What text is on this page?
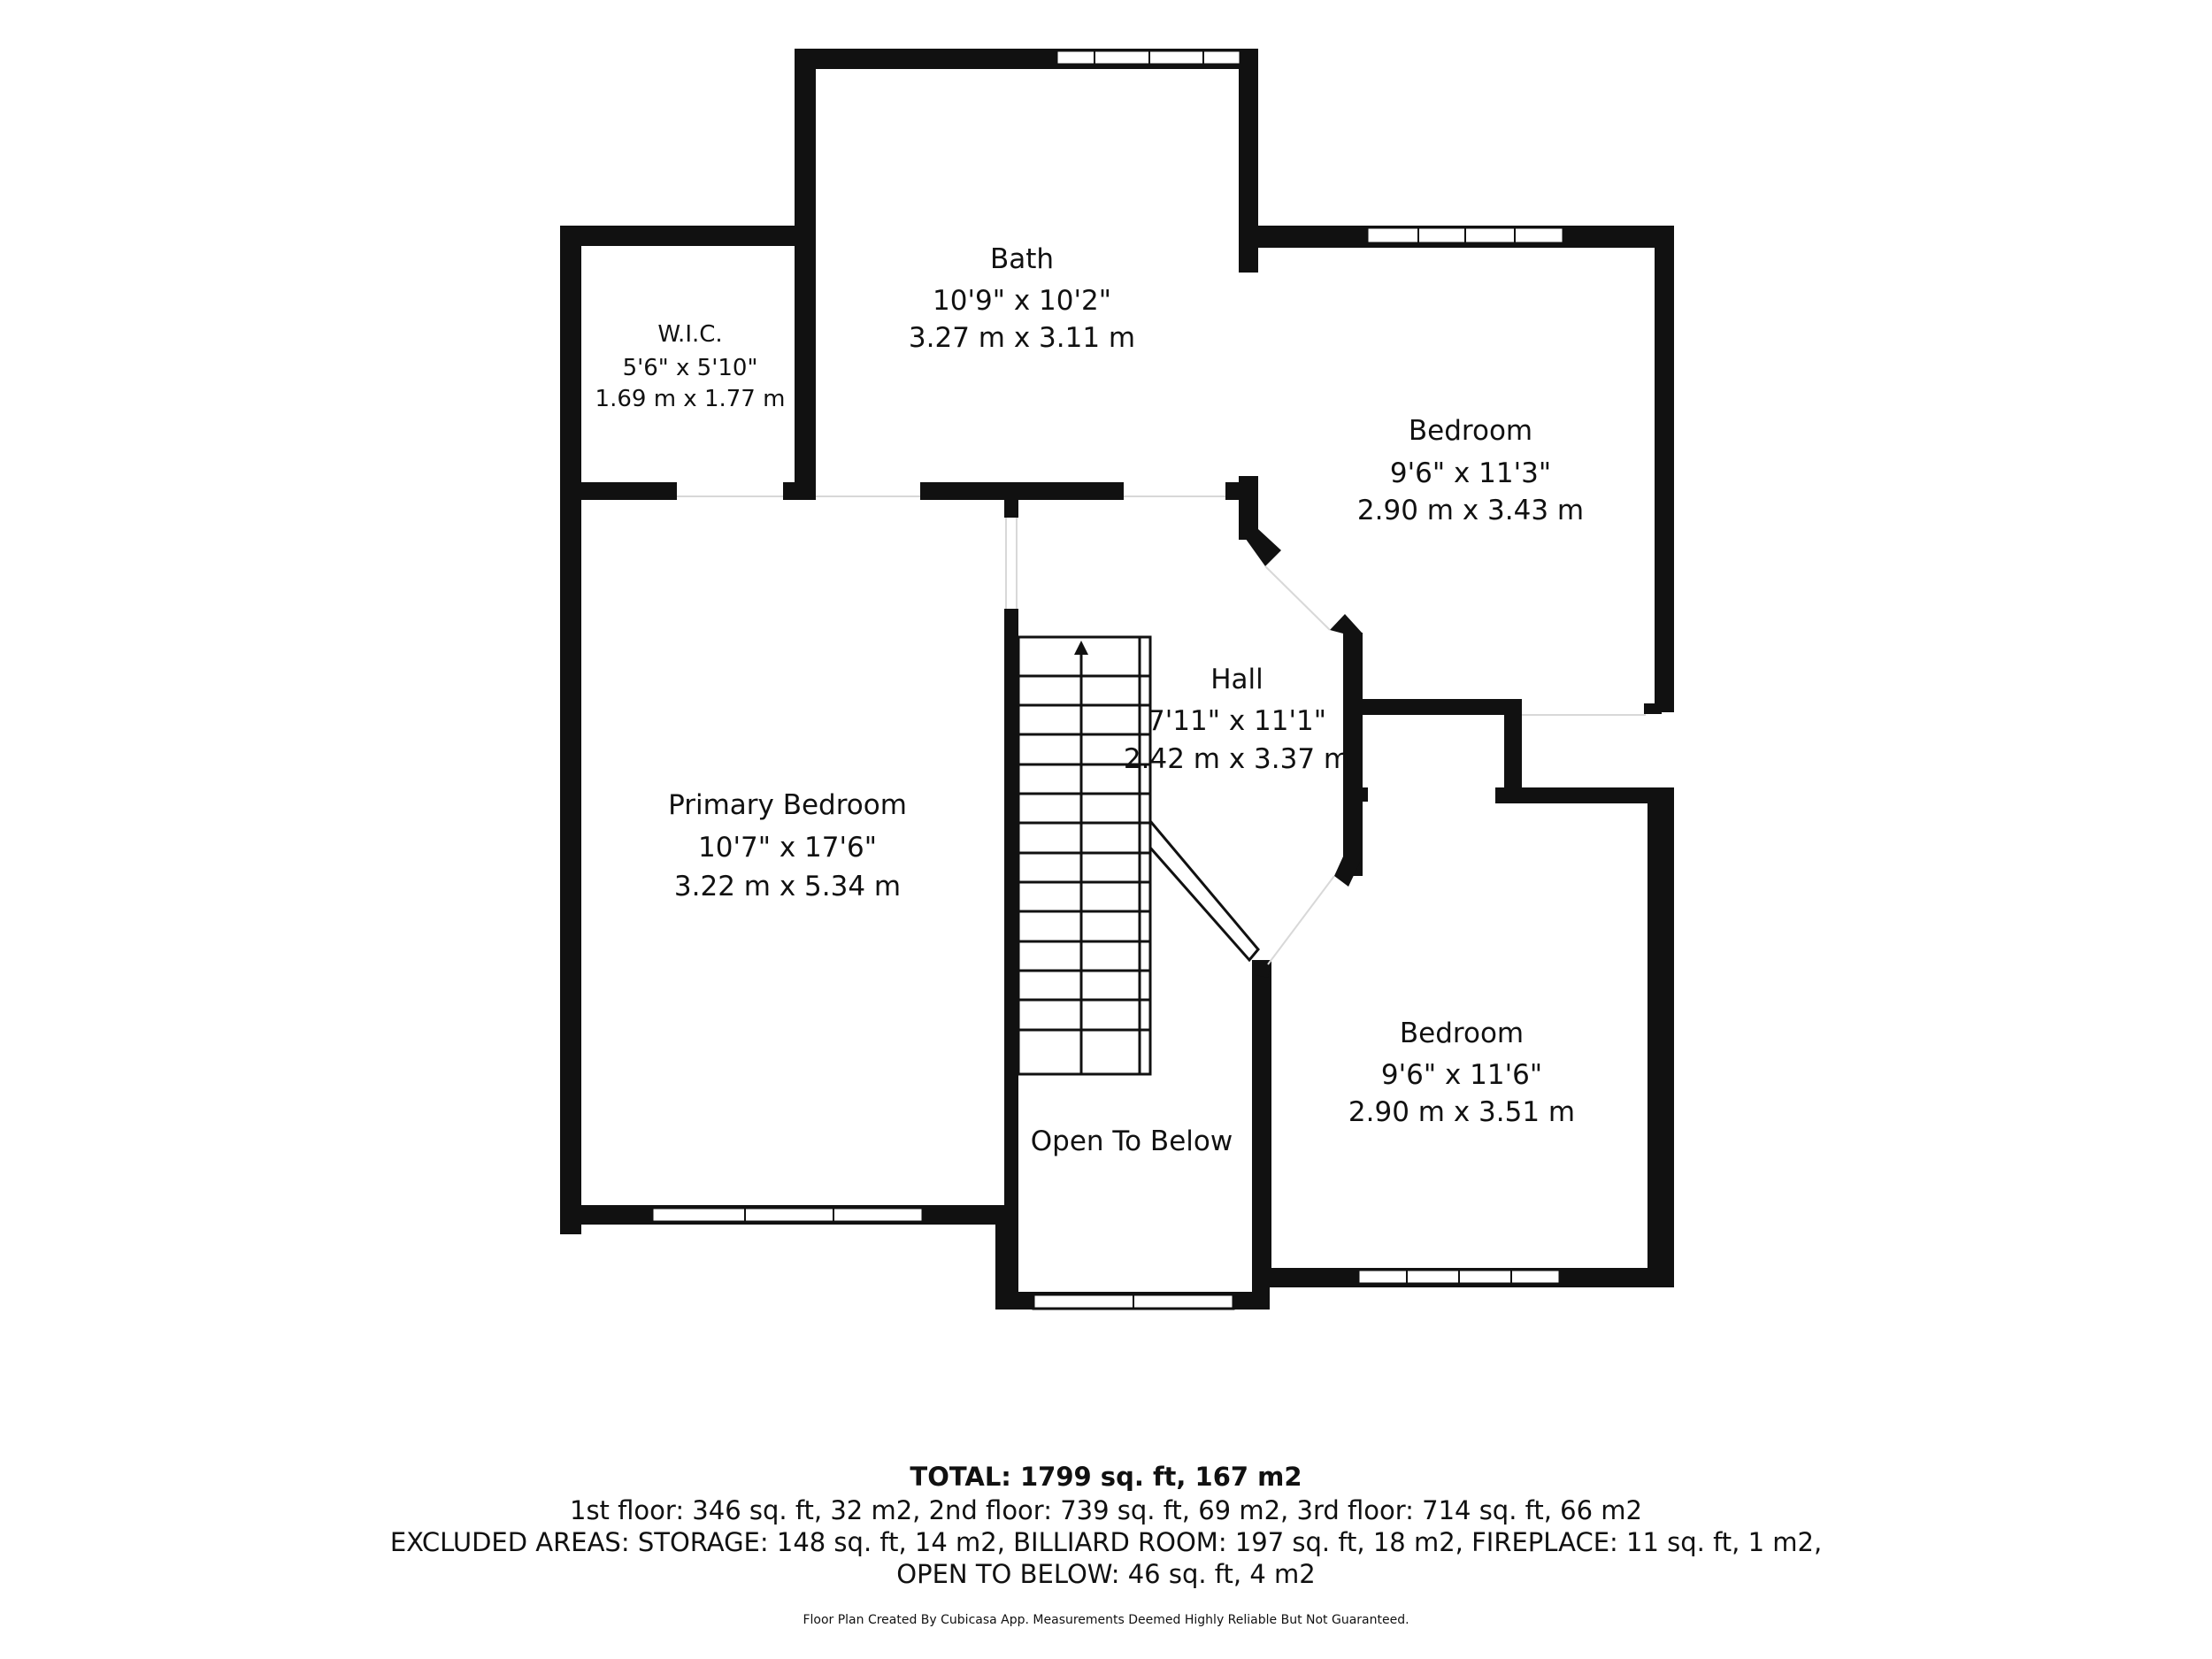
Bath
10'9" x 10'2"
3.27 m x 3.11 m
W.I.C.
5'6" x 5'10"
1.69 m x 1.77 m
Bedroom
9'6" x 11'3"
2.90 m x 3.43 m
Hall
7'11" x 11'1"
2.42 m x 3.37 m
Primary Bedroom
10'7" x 17'6"
3.22 m x 5.34 m
Bedroom
9'6" x 11'6"
2.90 m x 3.51 m
Open To Below
TOTAL: 1799 sq. ft, 167 m2
1st floor: 346 sq. ft, 32 m2, 2nd floor: 739 sq. ft, 69 m2, 3rd floor: 714 sq. ft, 66 m2
EXCLUDED AREAS: STORAGE: 148 sq. ft, 14 m2, BILLIARD ROOM: 197 sq. ft, 18 m2, FIREPLACE: 11 sq. ft, 1 m2,
OPEN TO BELOW: 46 sq. ft, 4 m2
Floor Plan Created By Cubicasa App. Measurements Deemed Highly Reliable But Not Guaranteed.
